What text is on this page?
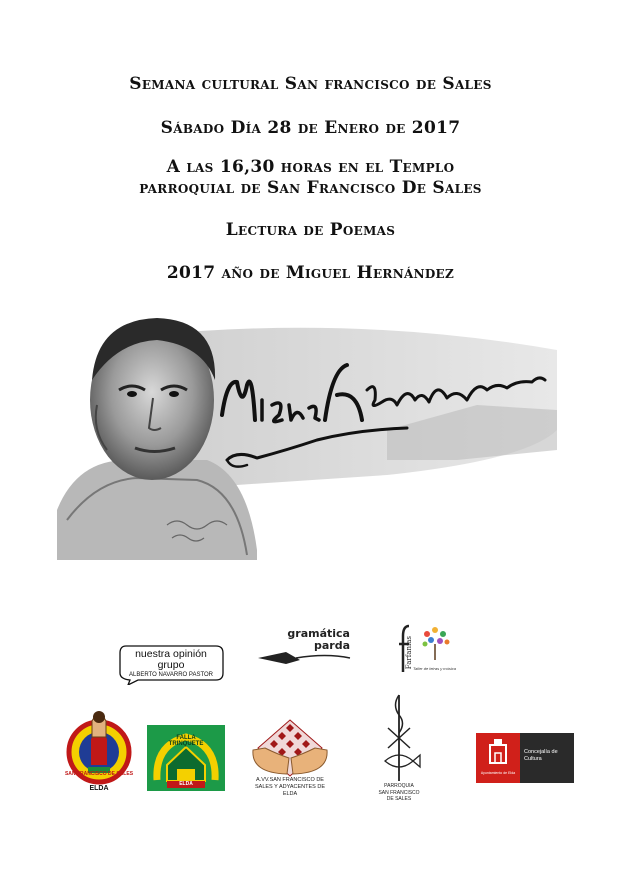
Semana cultural San francisco de Sales
Sábado Día 28 de Enero de 2017
A las 16,30 horas en el Templo
parroquial de San Francisco De Sales
Lectura de Poemas
2017 año de Miguel Hernández
nuestra opinión
grupo
ALBERTO NAVARRO PASTOR
gramática
parda	Farfanías Taller de letras y música
SAN FRANCISCO DE SALES
ELDA
FALLA TRINQUETE
ELDA
A.VV.SAN FRANCISCO DE
SALES Y ADYACENTES DE
ELDA
PARROQUIA
SAN FRANCISCO
DE SALES
Ayuntamiento de Elda
Concejalía de
Cultura
